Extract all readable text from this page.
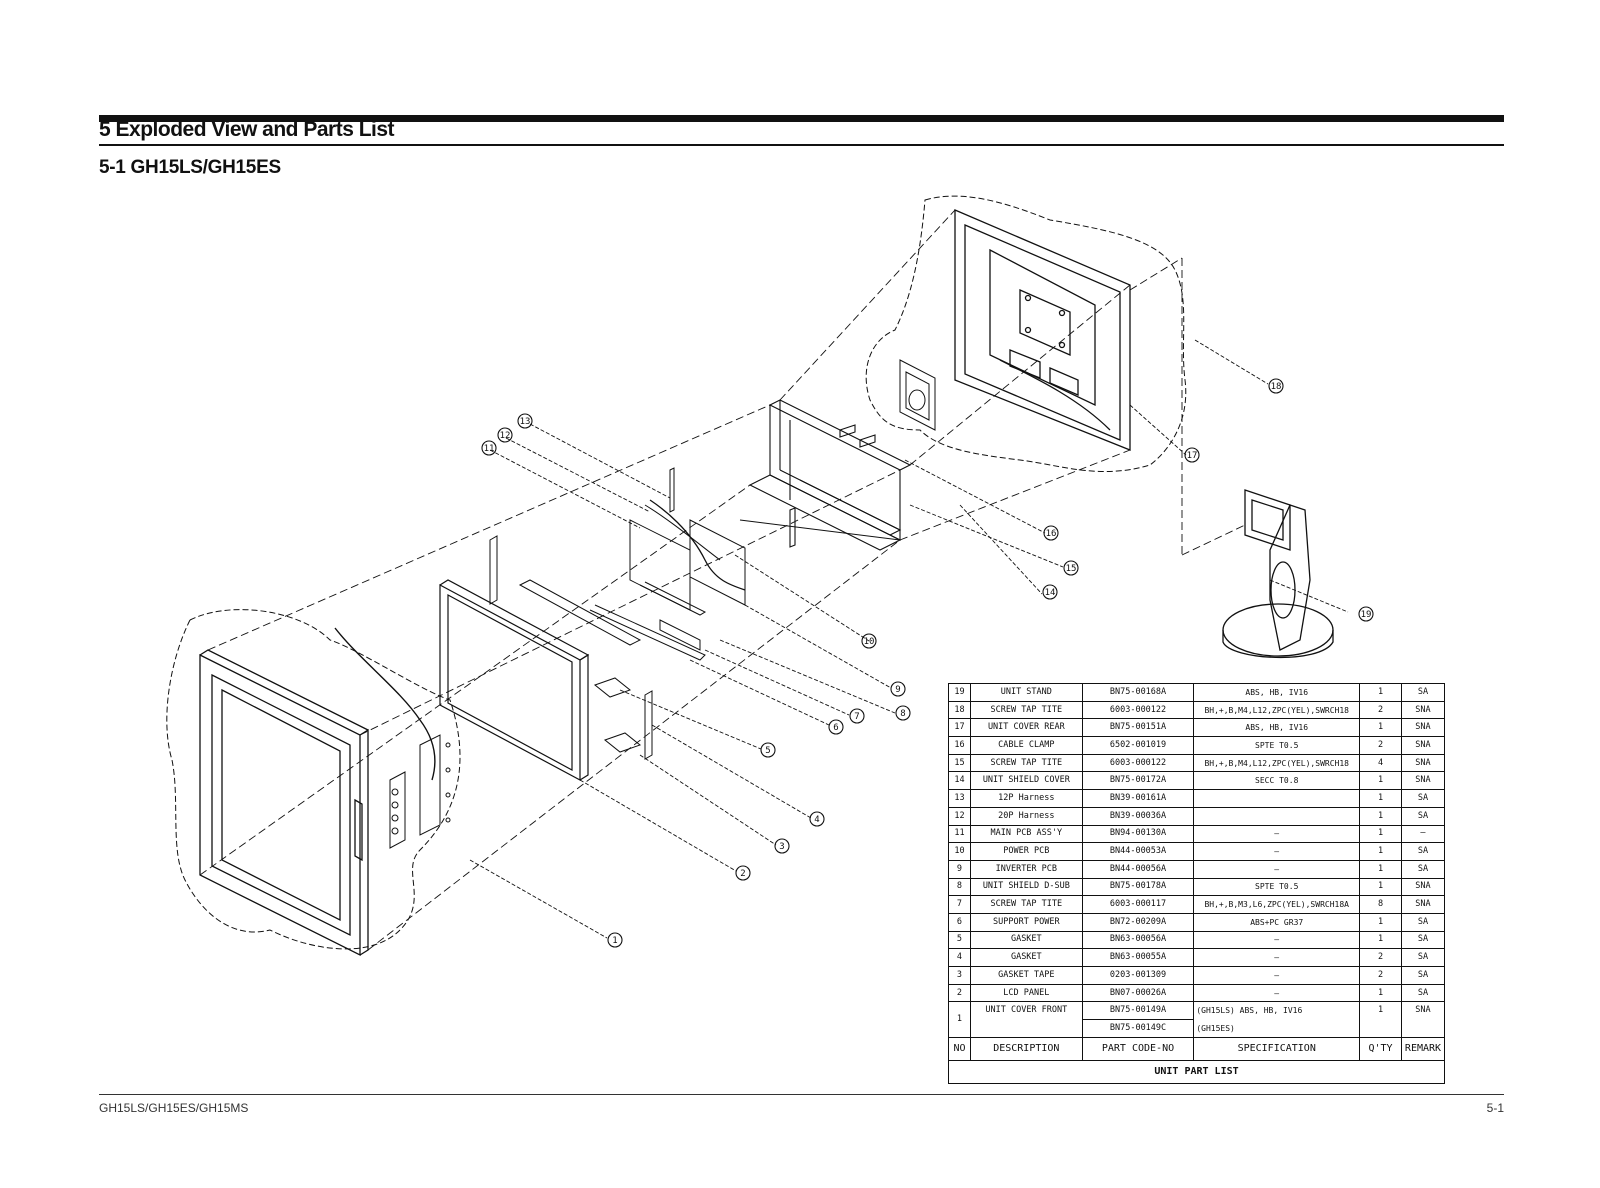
5 Exploded View and Parts List
5-1 GH15LS/GH15ES
1
2
3
4
5
6
7	8
9
10
11
12
13
14
15
16
17
18
19
19	UNIT STAND	BN75-00168A	ABS, HB, IV16	1	SA
18	SCREW TAP TITE	6003-000122	BH,+,B,M4,L12,ZPC(YEL),SWRCH18	2	SNA
17	UNIT COVER REAR	BN75-00151A	ABS, HB, IV16	1	SNA
16	CABLE CLAMP	6502-001019	SPTE T0.5	2	SNA
15	SCREW TAP TITE	6003-000122	BH,+,B,M4,L12,ZPC(YEL),SWRCH18	4	SNA
14	UNIT SHIELD COVER	BN75-00172A	SECC T0.8	1	SNA
13	12P Harness	BN39-00161A		1	SA
12	20P Harness	BN39-00036A		1	SA
11	MAIN PCB ASS'Y	BN94-00130A	–	1	–
10	POWER PCB	BN44-00053A	–	1	SA
9	INVERTER PCB	BN44-00056A	–	1	SA
8	UNIT SHIELD D-SUB	BN75-00178A	SPTE T0.5	1	SNA
7	SCREW TAP TITE	6003-000117	BH,+,B,M3,L6,ZPC(YEL),SWRCH18A	8	SNA
6	SUPPORT POWER	BN72-00209A	ABS+PC GR37	1	SA
5	GASKET	BN63-00056A	–	1	SA
4	GASKET	BN63-00055A	–	2	SA
3	GASKET TAPE	0203-001309	–	2	SA
2	LCD PANEL	BN07-00026A	–	1	SA
1	UNIT COVER FRONT	BN75-00149A	(GH15LS) ABS, HB, IV16	1	SNA
		BN75-00149C	(GH15ES)		
NO	DESCRIPTION	PART CODE-NO	SPECIFICATION	Q'TY	REMARK
UNIT PART LIST					
GH15LS/GH15ES/GH15MS	5-1
